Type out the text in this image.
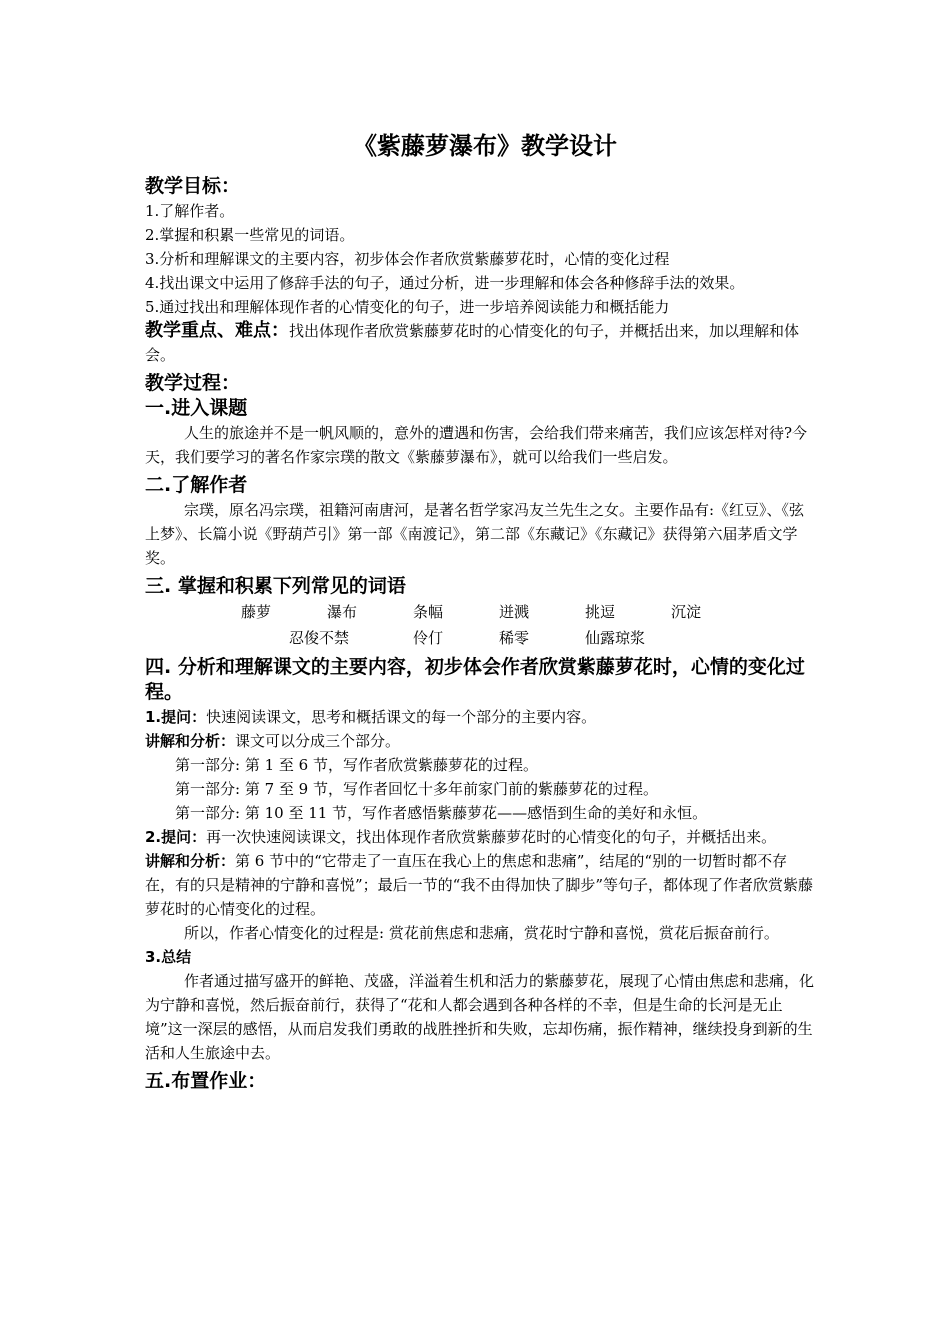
《紫藤萝瀑布》教学设计
教学目标：

1.了解作者。

2.掌握和积累一些常见的词语。

3.分析和理解课文的主要内容，初步体会作者欣赏紫藤萝花时，心情的变化过程

4.找出课文中运用了修辞手法的句子，通过分析，进一步理解和体会各种修辞手法的效果。

5.通过找出和理解体现作者的心情变化的句子，进一步培养阅读能力和概括能力

教学重点、难点：找出体现作者欣赏紫藤萝花时的心情变化的句子，并概括出来，加以理解和体会。

教学过程：
一.进入课题

人生的旅途并不是一帆风顺的，意外的遭遇和伤害，会给我们带来痛苦，我们应该怎样对待?今天，我们要学习的著名作家宗璞的散文《紫藤萝瀑布》，就可以给我们一些启发。

二.了解作者

宗璞，原名冯宗璞，祖籍河南唐河，是著名哲学家冯友兰先生之女。主要作品有:《红豆》、《弦上梦》、长篇小说《野葫芦引》第一部《南渡记》，第二部《东藏记》《东藏记》获得第六届茅盾文学奖。

三. 掌握和积累下列常见的词语
藤萝	瀑布	条幅	迸溅	挑逗	沉淀
忍俊不禁	伶仃	稀零	仙露琼浆
四. 分析和理解课文的主要内容，初步体会作者欣赏紫藤萝花时，心情的变化过程。

1.提问：快速阅读课文，思考和概括课文的每一个部分的主要内容。

讲解和分析：课文可以分成三个部分。

第一部分: 第 1 至 6 节，写作者欣赏紫藤萝花的过程。

第一部分: 第 7 至 9 节，写作者回忆十多年前家门前的紫藤萝花的过程。

第一部分: 第 10 至 11 节，写作者感悟紫藤萝花——感悟到生命的美好和永恒。

2.提问：再一次快速阅读课文，找出体现作者欣赏紫藤萝花时的心情变化的句子，并概括出来。

讲解和分析：第 6 节中的“它带走了一直压在我心上的焦虑和悲痛”，结尾的“别的一切暂时都不存在，有的只是精神的宁静和喜悦”；最后一节的“我不由得加快了脚步”等句子，都体现了作者欣赏紫藤萝花时的心情变化的过程。

所以，作者心情变化的过程是: 赏花前焦虑和悲痛，赏花时宁静和喜悦，赏花后振奋前行。

3.总结

作者通过描写盛开的鲜艳、茂盛，洋溢着生机和活力的紫藤萝花，展现了心情由焦虑和悲痛，化为宁静和喜悦，然后振奋前行，获得了“花和人都会遇到各种各样的不幸，但是生命的长河是无止境”这一深层的感悟，从而启发我们勇敢的战胜挫折和失败，忘却伤痛，振作精神，继续投身到新的生活和人生旅途中去。

五.布置作业：
